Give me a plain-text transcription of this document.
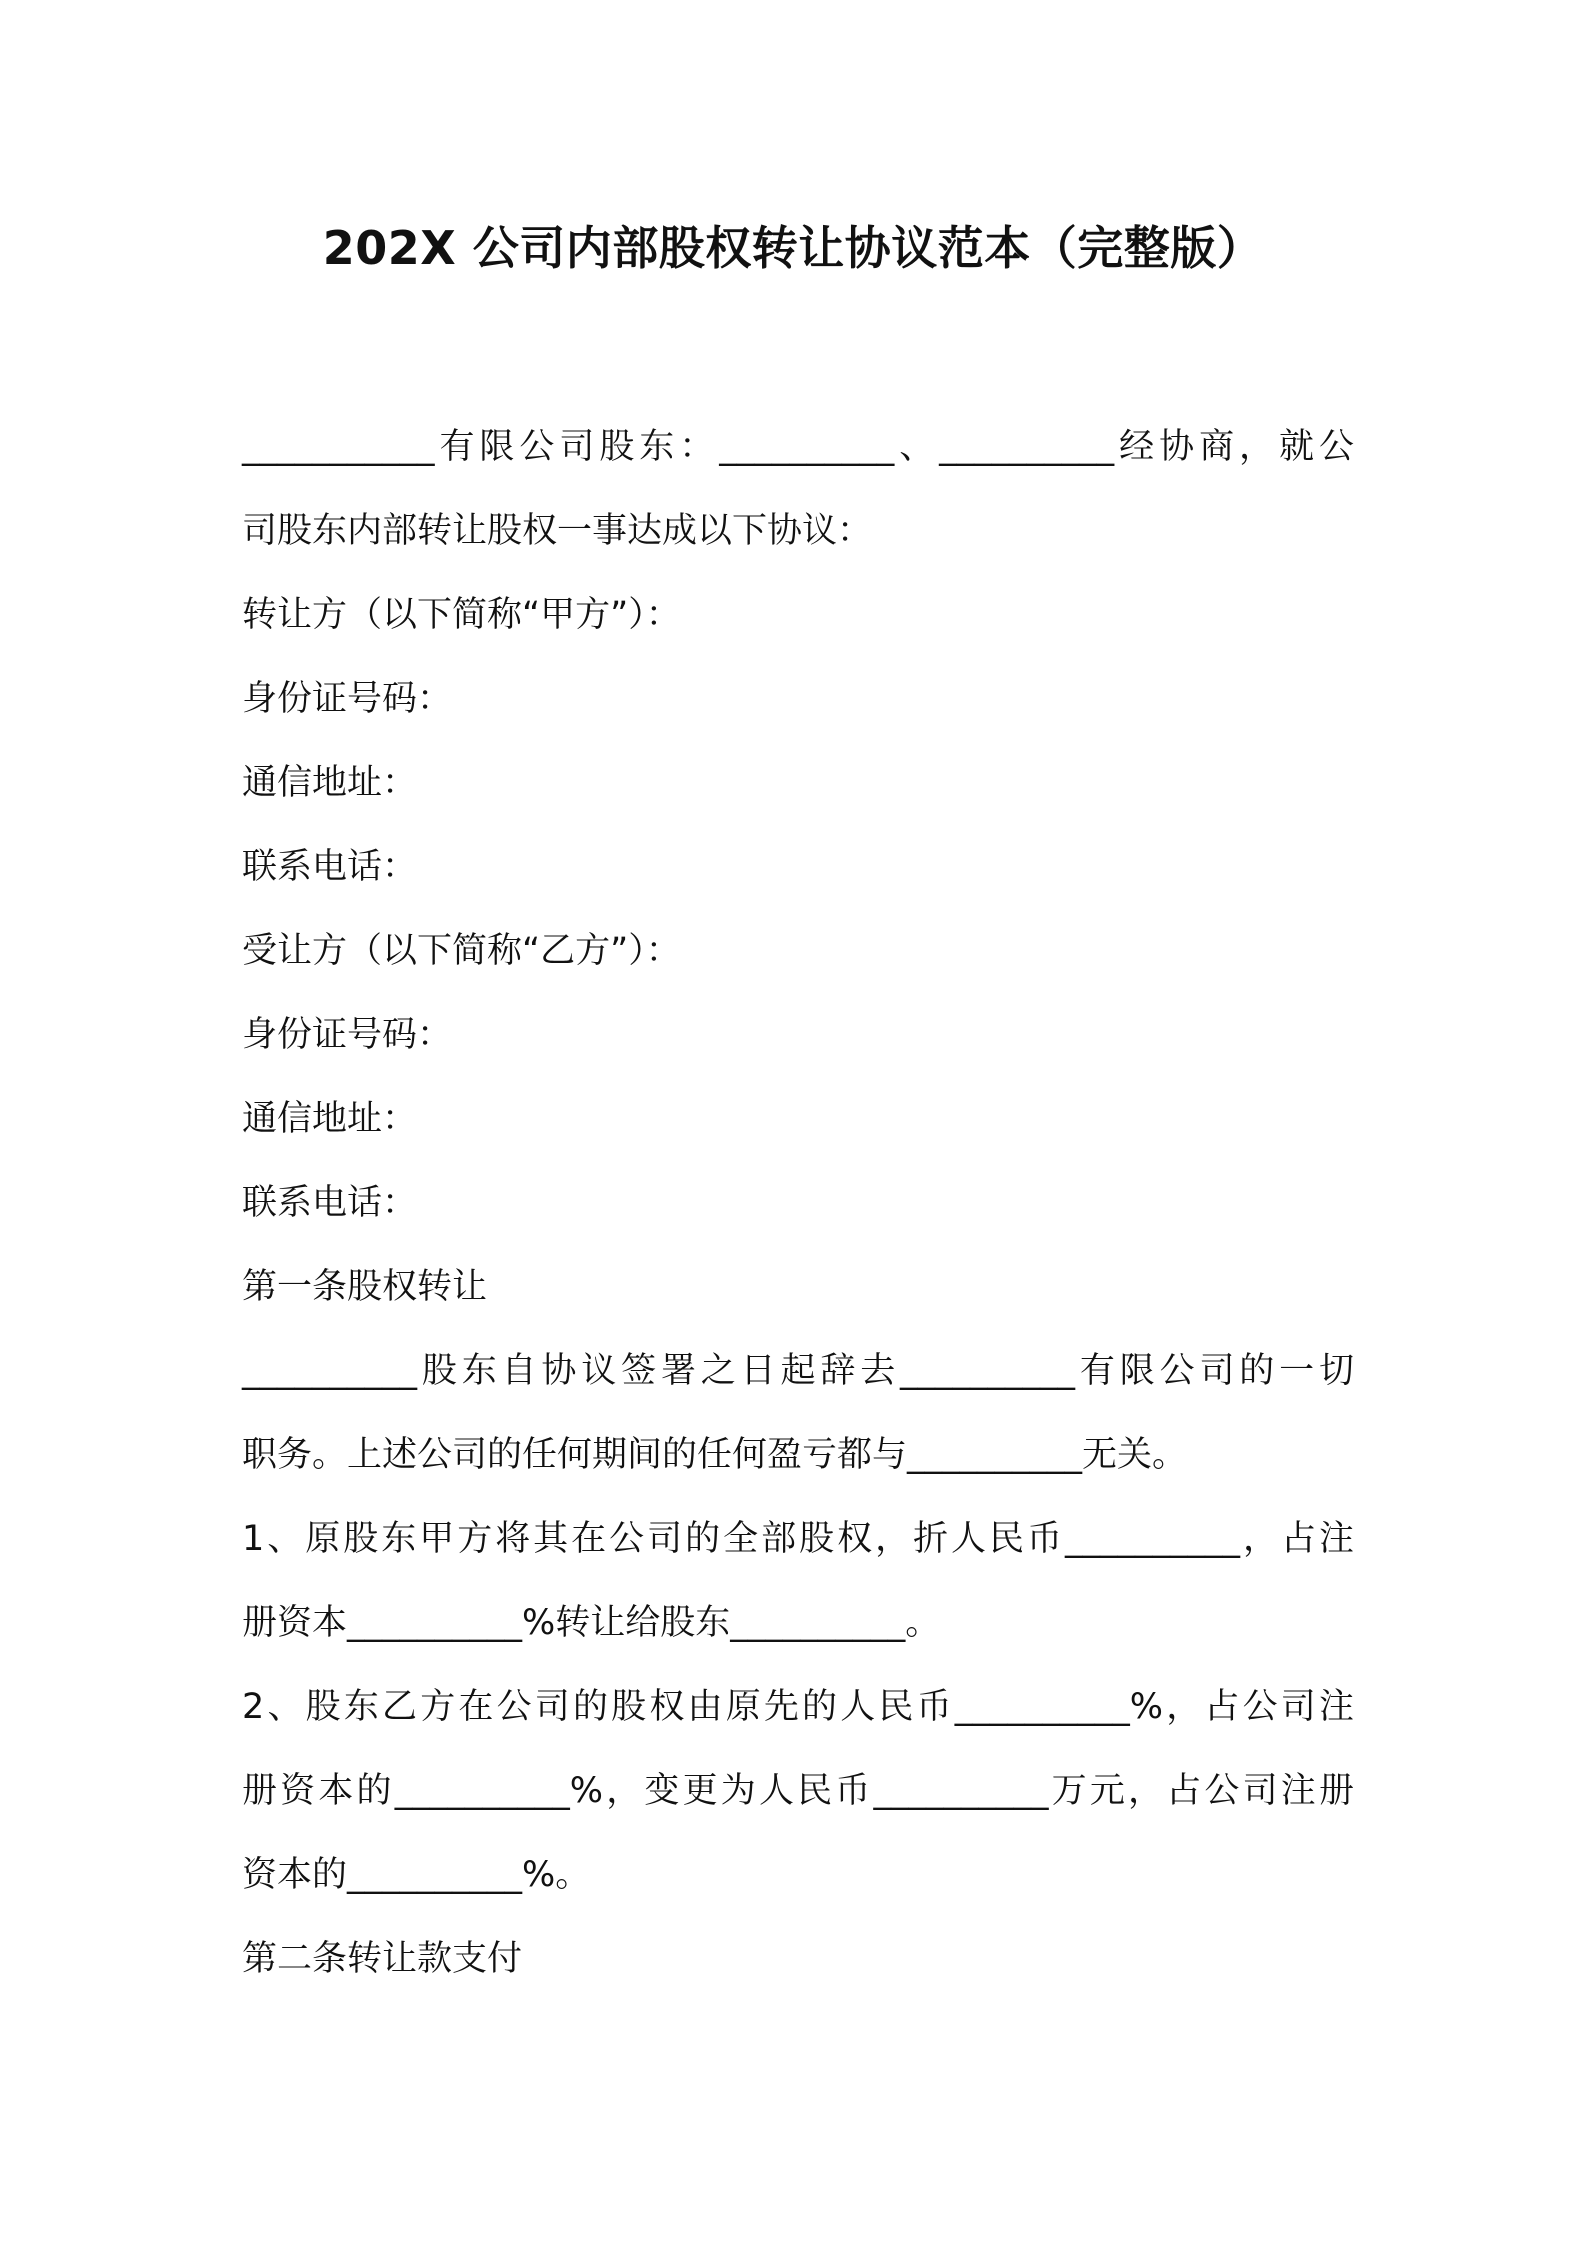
202X 公司内部股权转让协议范本（完整版）
___________有限公司股东：__________、__________经协商，就公
司股东内部转让股权一事达成以下协议：
转让方（以下简称“甲方”）：
身份证号码：
通信地址：
联系电话：
受让方（以下简称“乙方”）：
身份证号码：
通信地址：
联系电话：
第一条股权转让
__________股东自协议签署之日起辞去__________有限公司的一切
职务。上述公司的任何期间的任何盈亏都与__________无关。
1、原股东甲方将其在公司的全部股权，折人民币__________，占注
册资本__________%转让给股东__________。
2、股东乙方在公司的股权由原先的人民币__________%，占公司注
册资本的__________%，变更为人民币__________万元，占公司注册
资本的__________%。
第二条转让款支付
